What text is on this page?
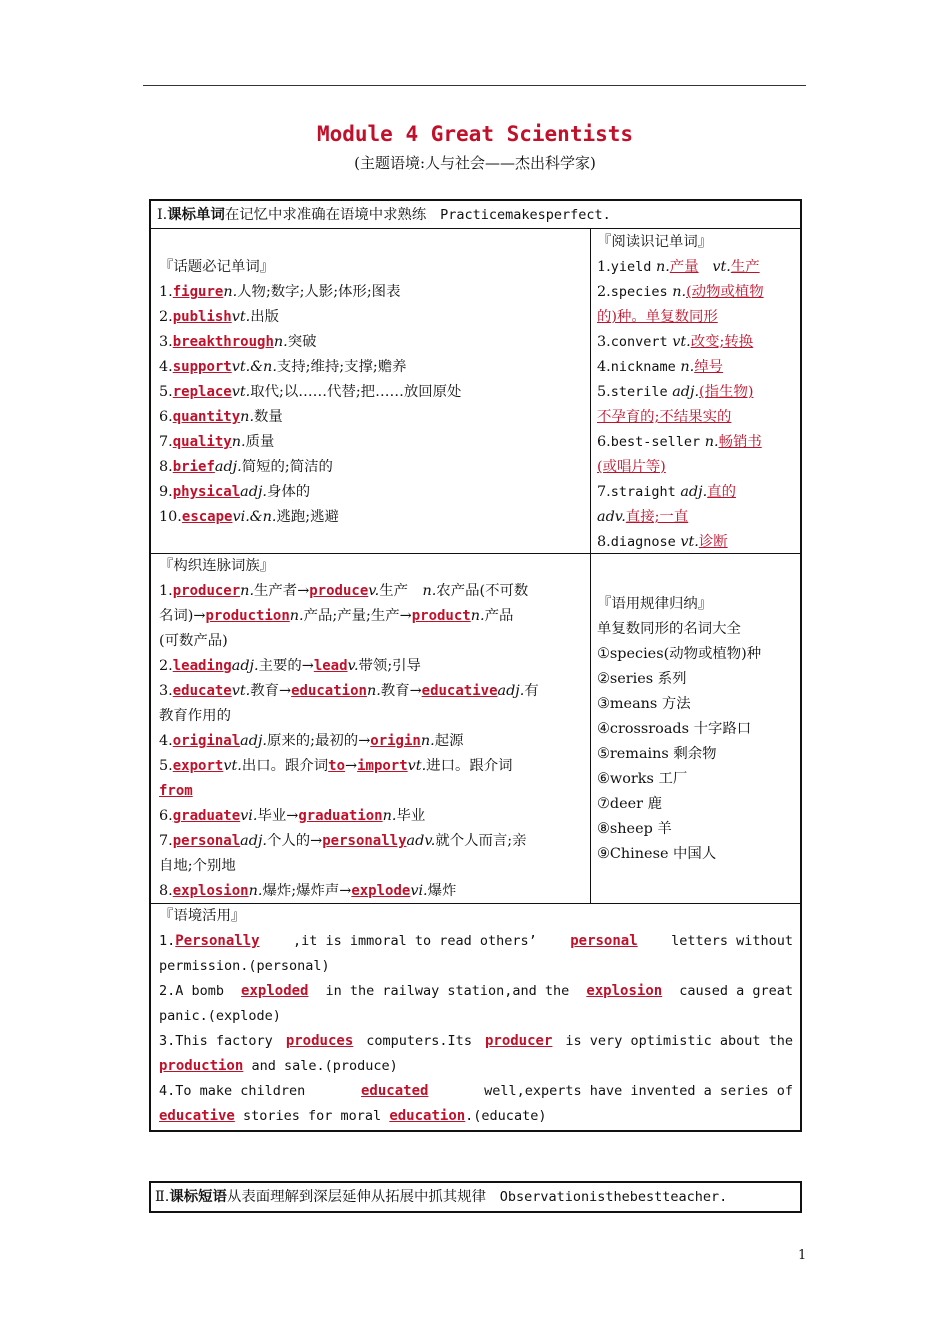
Module 4 Great Scientists
(主题语境:人与社会——杰出科学家)
Ⅰ.课标单词在记忆中求准确在语境中求熟练 Practicemakesperfect.
『话题必记单词』
1.figuren.人物;数字;人影;体形;图表
2.publishvt.出版
3.breakthroughn.突破
4.supportvt.&n.支持;维持;支撑;赡养
5.replacevt.取代;以……代替;把……放回原处
6.quantityn.数量
7.qualityn.质量
8.briefadj.简短的;简洁的
9.physicaladj.身体的
10.escapevi.&n.逃跑;逃避
『阅读识记单词』
1.yield n.产量 vt.生产
2.species n.(动物或植物
的)种。单复数同形
3.convert vt.改变;转换
4.nickname n.绰号
5.sterile adj.(指生物)
不孕育的;不结果实的
6.best-seller n.畅销书
(或唱片等)
7.straight adj.直的
adv.直接;一直
8.diagnose vt.诊断
『构织连脉词族』
1.producern.生产者→producev.生产　n.农产品(不可数
名词)→productionn.产品;产量;生产→productn.产品
(可数产品)
2.leadingadj.主要的→leadv.带领;引导
3.educatevt.教育→educationn.教育→educativeadj.有
教育作用的
4.originaladj.原来的;最初的→originn.起源
5.exportvt.出口。跟介词to→importvt.进口。跟介词
from
6.graduatevi.毕业→graduationn.毕业
7.personaladj.个人的→personallyadv.就个人而言;亲
自地;个别地
8.explosionn.爆炸;爆炸声→explodevi.爆炸
『语用规律归纳』
单复数同形的名词大全
①species(动物或植物)种
②series 系列
③means 方法
④crossroads 十字路口
⑤remains 剩余物
⑥works 工厂
⑦deer 鹿
⑧sheep 羊
⑨Chinese 中国人
『语境活用』
1.Personally ,it is immoral to read others’ personal letters without
permission.(personal)
2.A bomb exploded in the railway station,and the explosion caused a great
panic.(explode)
3.This factory produces computers.Its producer is very optimistic about the
production and sale.(produce)
4.To make children	educated	well,experts have invented a series of
educative stories for moral education.(educate)
Ⅱ.课标短语从表面理解到深层延伸从拓展中抓其规律 Observationisthebestteacher.
1
